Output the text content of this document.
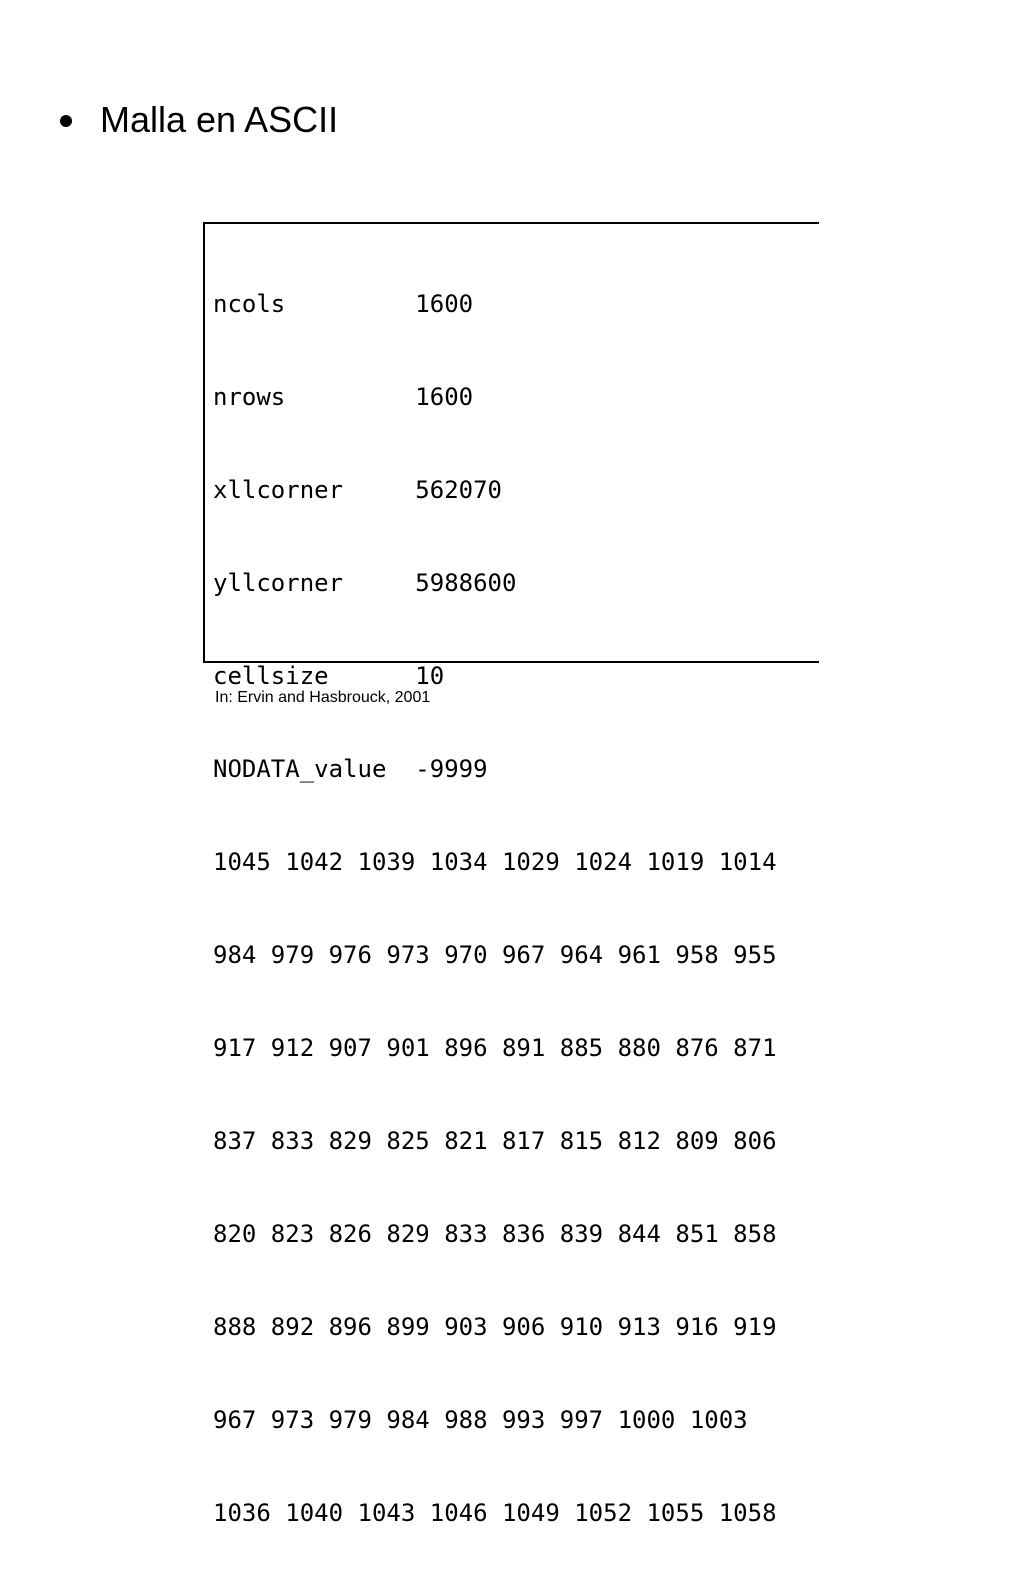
Malla en ASCII

ncols         1600

nrows         1600

xllcorner     562070

yllcorner     5988600

cellsize      10

NODATA_value  -9999

1045 1042 1039 1034 1029 1024 1019 1014

984 979 976 973 970 967 964 961 958 955

917 912 907 901 896 891 885 880 876 871

837 833 829 825 821 817 815 812 809 806

820 823 826 829 833 836 839 844 851 858

888 892 896 899 903 906 910 913 916 919

967 973 979 984 988 993 997 1000 1003

1036 1040 1043 1046 1049 1052 1055 1058

In: Ervin and Hasbrouck, 2001
